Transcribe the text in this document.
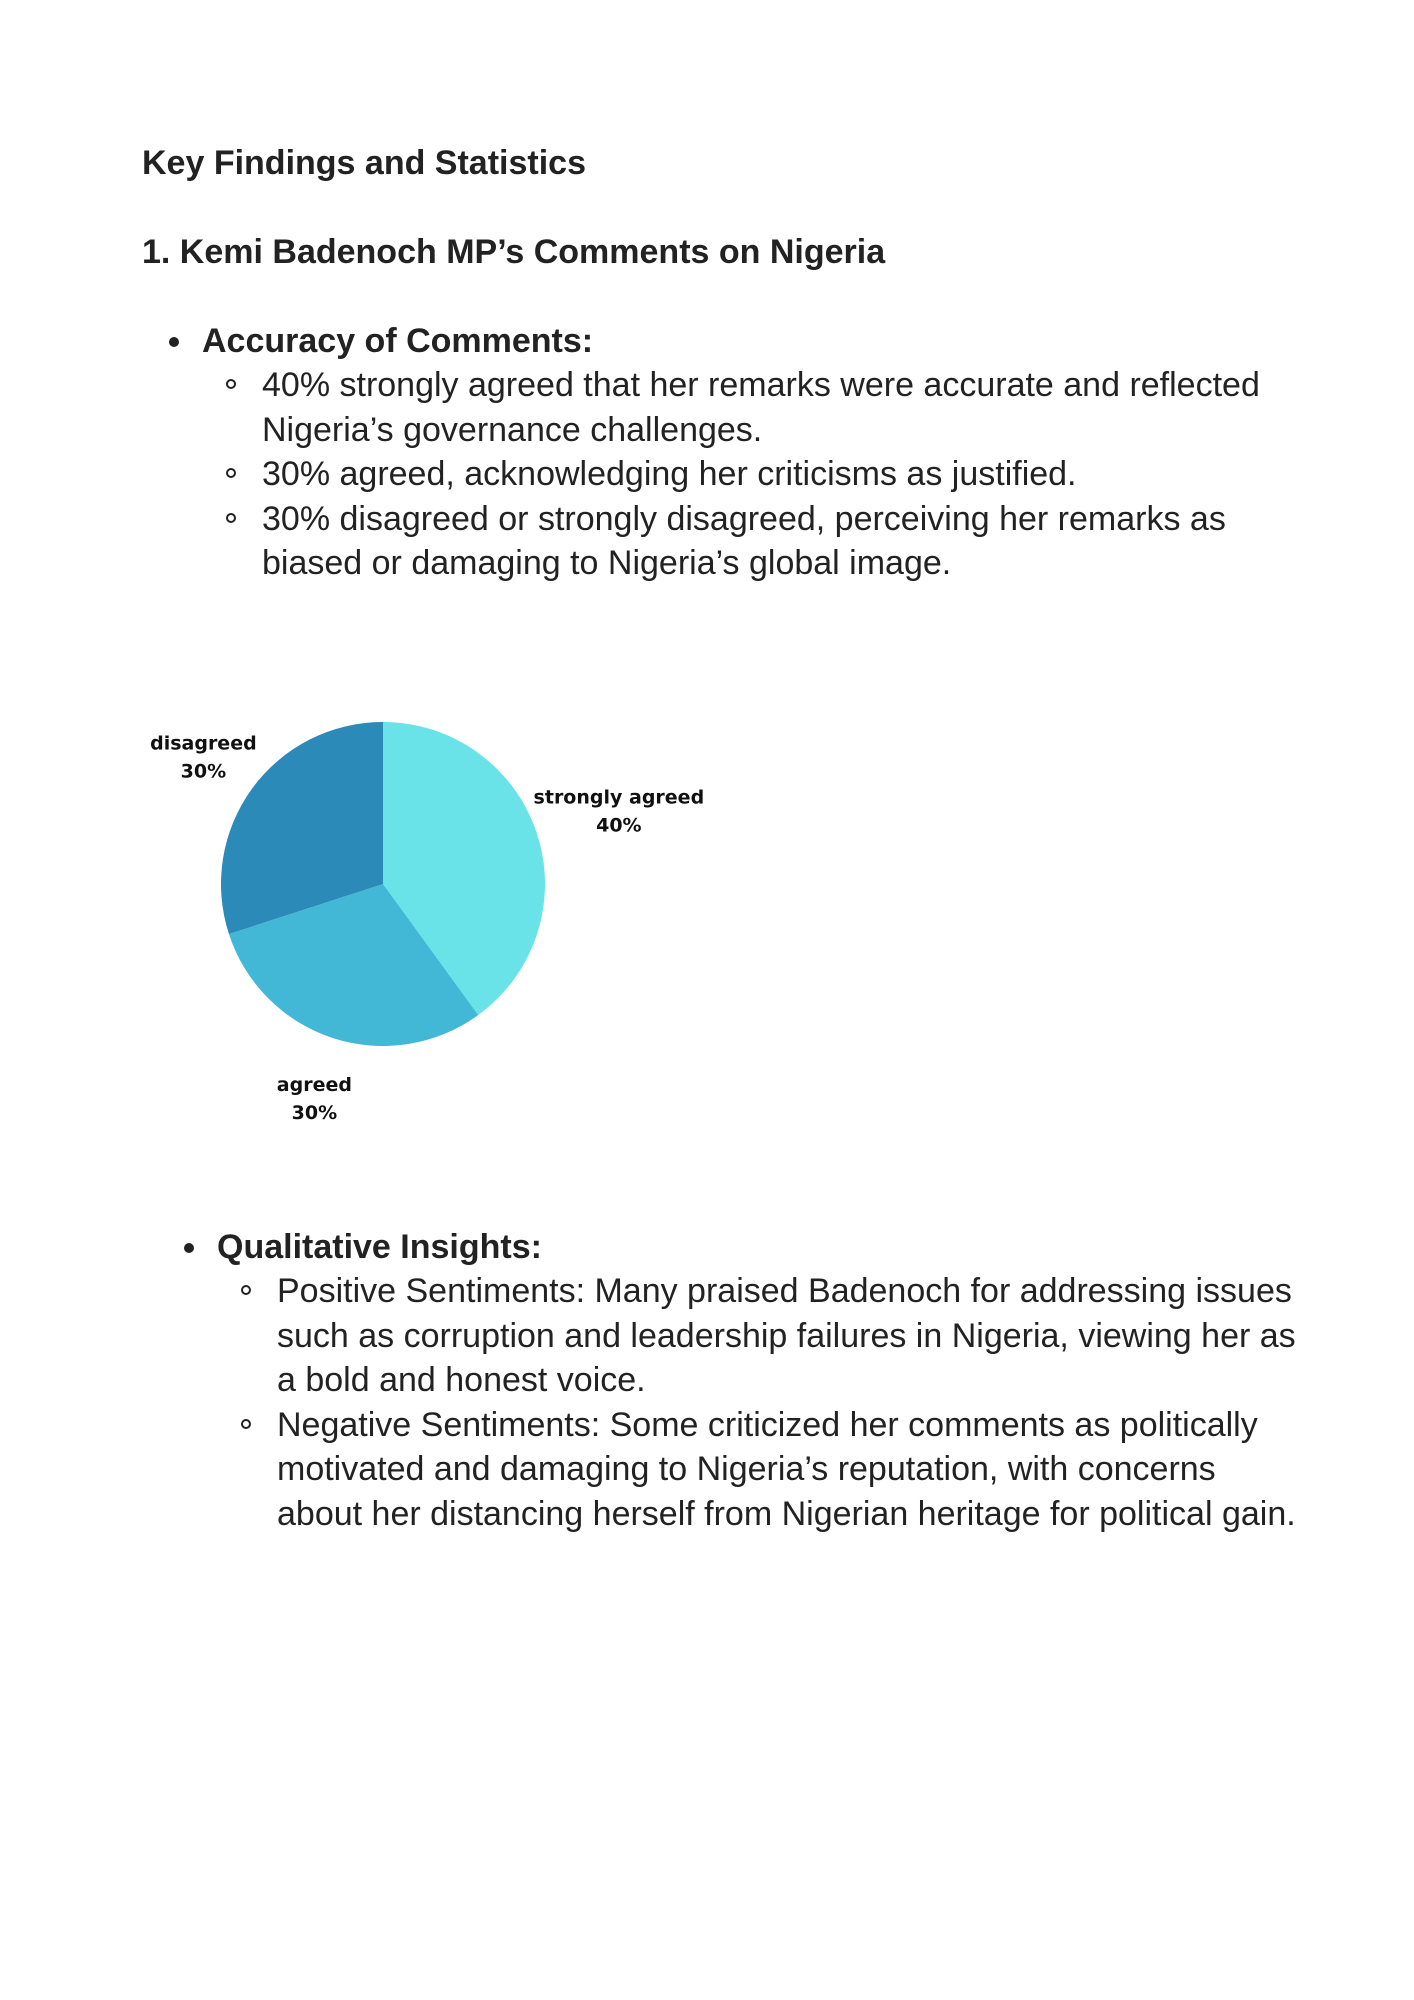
Key Findings and Statistics
1. Kemi Badenoch MP’s Comments on Nigeria
Accuracy of Comments:
40% strongly agreed that her remarks were accurate and reflected Nigeria’s governance challenges.
30% agreed, acknowledging her criticisms as justified.
30% disagreed or strongly disagreed, perceiving her remarks as biased or damaging to Nigeria’s global image.
strongly agreed
40%
agreed
30%
disagreed
30%
Qualitative Insights:
Positive Sentiments: Many praised Badenoch for addressing issues such as corruption and leadership failures in Nigeria, viewing her as a bold and honest voice.
Negative Sentiments: Some criticized her comments as politically motivated and damaging to Nigeria’s reputation, with concerns about her distancing herself from Nigerian heritage for political gain.
